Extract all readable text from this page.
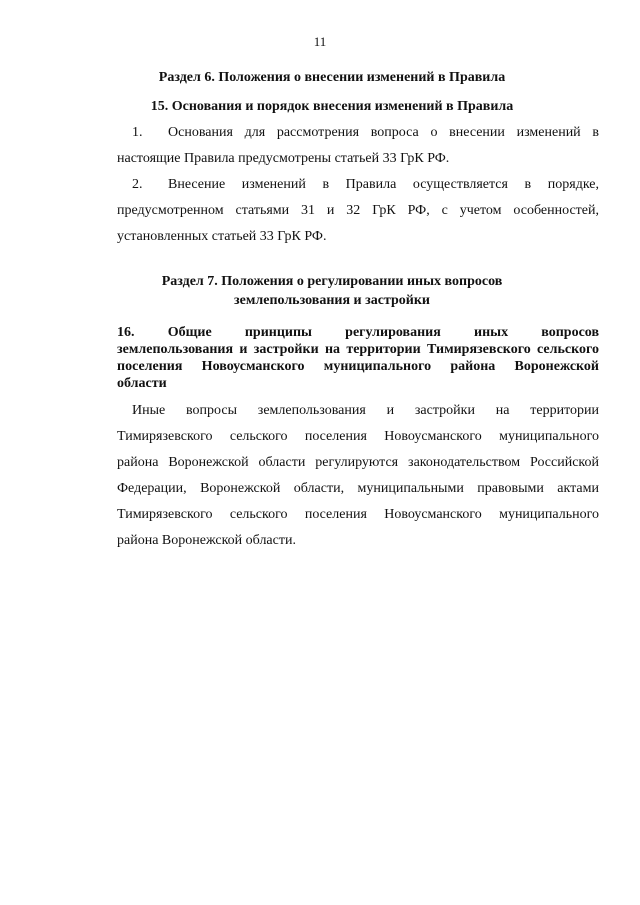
11
Раздел 6. Положения о внесении изменений в Правила
15. Основания и порядок внесения изменений в Правила
1. Основания для рассмотрения вопроса о внесении изменений в
настоящие Правила предусмотрены статьей 33 ГрК РФ.
2. Внесение изменений в Правила осуществляется в порядке,
предусмотренном статьями 31 и 32 ГрК РФ, с учетом особенностей,
установленных статьей 33 ГрК РФ.
Раздел 7. Положения о регулировании иных вопросов
землепользования и застройки
16. Общие принципы регулирования иных вопросов
землепользования и застройки на территории Тимирязевского сельского
поселения Новоусманского муниципального района Воронежской
области
Иные вопросы землепользования и застройки на территории
Тимирязевского сельского поселения Новоусманского муниципального
района Воронежской области регулируются законодательством Российской
Федерации, Воронежской области, муниципальными правовыми актами
Тимирязевского сельского поселения Новоусманского муниципального
района Воронежской области.
